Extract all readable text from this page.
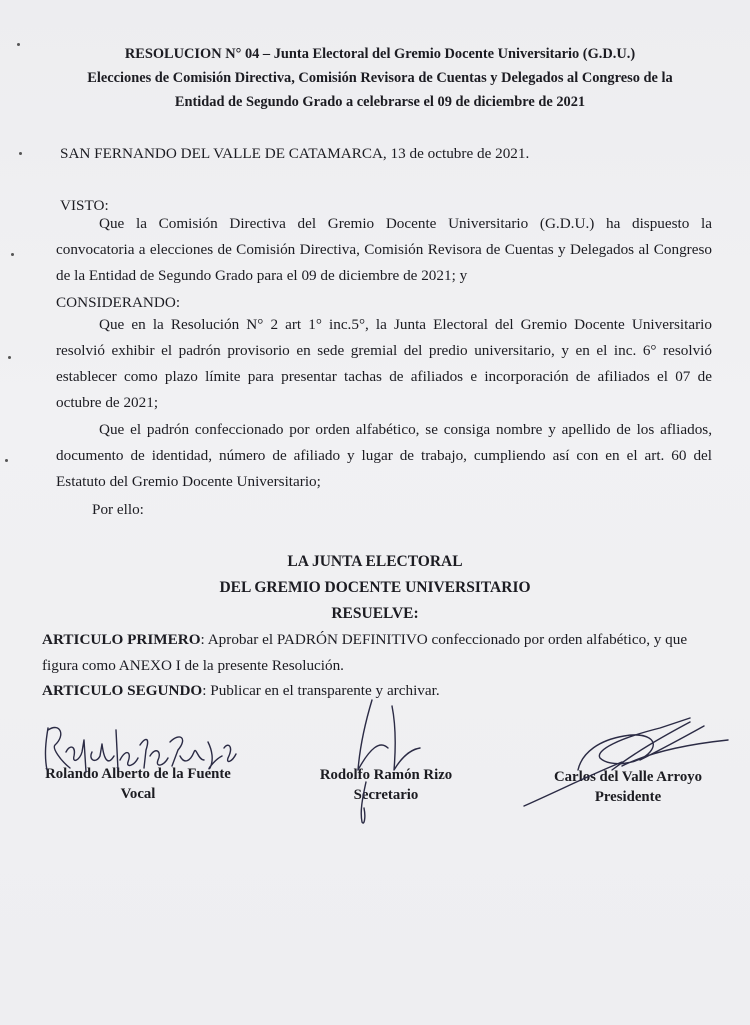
RESOLUCION N° 04 – Junta Electoral del Gremio Docente Universitario (G.D.U.)
Elecciones de Comisión Directiva, Comisión Revisora de Cuentas y Delegados al Congreso de la
Entidad de Segundo Grado a celebrarse el 09 de diciembre de 2021
SAN FERNANDO DEL VALLE DE CATAMARCA, 13 de octubre de 2021.
VISTO:
Que la Comisión Directiva del Gremio Docente Universitario (G.D.U.) ha dispuesto la
convocatoria a elecciones de Comisión Directiva, Comisión Revisora de Cuentas y Delegados al Congreso
de la Entidad de Segundo Grado para el 09 de diciembre de 2021; y
CONSIDERANDO:
Que en la Resolución N° 2 art 1° inc.5°, la Junta Electoral del Gremio Docente Universitario
resolvió exhibir el padrón provisorio en sede gremial del predio universitario, y en el inc. 6° resolvió
establecer como plazo límite para presentar tachas de afiliados e incorporación de afiliados el 07 de
octubre de 2021;
Que el padrón confeccionado por orden alfabético, se consiga nombre y apellido de los afliados,
documento de identidad, número de afiliado y lugar de trabajo, cumpliendo así con en el art. 60 del
Estatuto del Gremio Docente Universitario;
Por ello:
LA JUNTA ELECTORAL
DEL GREMIO DOCENTE UNIVERSITARIO
RESUELVE:
ARTICULO PRIMERO: Aprobar el PADRÓN DEFINITIVO confeccionado por orden alfabético, y que
figura como ANEXO I de la presente Resolución.
ARTICULO SEGUNDO: Publicar en el transparente y archivar.
Rolando Alberto de la Fuente
Vocal
Rodolfo Ramón Rizo
Secretario
Carlos del Valle Arroyo
Presidente
